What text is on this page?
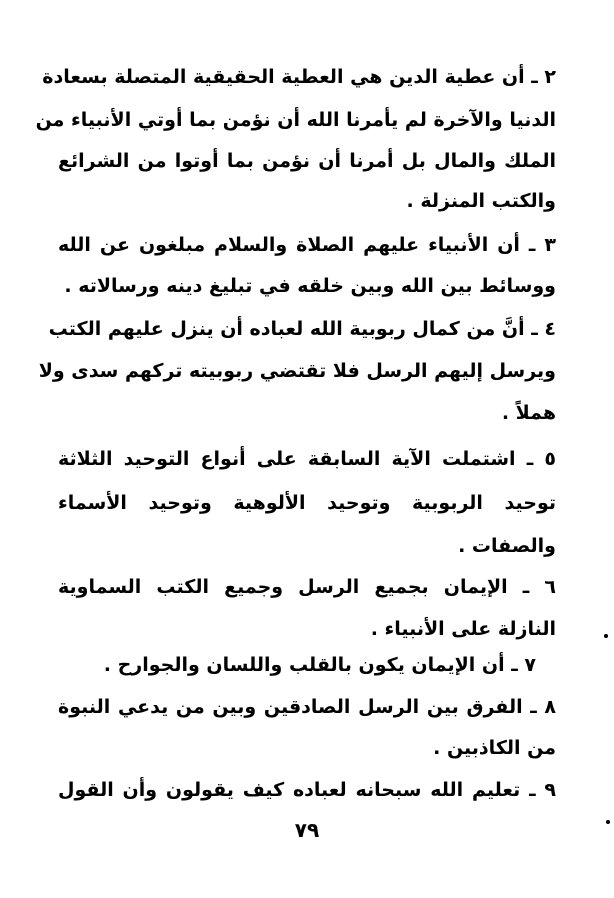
٢ ـ أن عطية الدين هي العطية الحقيقية المتصلة بسعادة
الدنيا والآخرة لم يأمرنا الله أن نؤمن بما أوتي الأنبياء من
الملك والمال بل أمرنا أن نؤمن بما أوتوا من الشرائع
والكتب المنزلة .
٣ ـ أن الأنبياء عليهم الصلاة والسلام مبلغون عن الله
ووسائط بين الله وبين خلقه في تبليغ دينه ورسالاته .
٤ ـ أنَّ من كمال ربوبية الله لعباده أن ينزل عليهم الكتب
ويرسل إليهم الرسل فلا تقتضي ربوبيته تركهم سدى ولا
هملاً .
٥ ـ اشتملت الآية السابقة على أنواع التوحيد الثلاثة
توحيد الربوبية وتوحيد الألوهية وتوحيد الأسماء
والصفات .
٦ ـ الإيمان بجميع الرسل وجميع الكتب السماوية
النازلة على الأنبياء .
٧ ـ أن الإيمان يكون بالقلب واللسان والجوارح .
٨ ـ الفرق بين الرسل الصادقين وبين من يدعي النبوة
من الكاذبين .
٩ ـ تعليم الله سبحانه لعباده كيف يقولون وأن القول
٧٩
